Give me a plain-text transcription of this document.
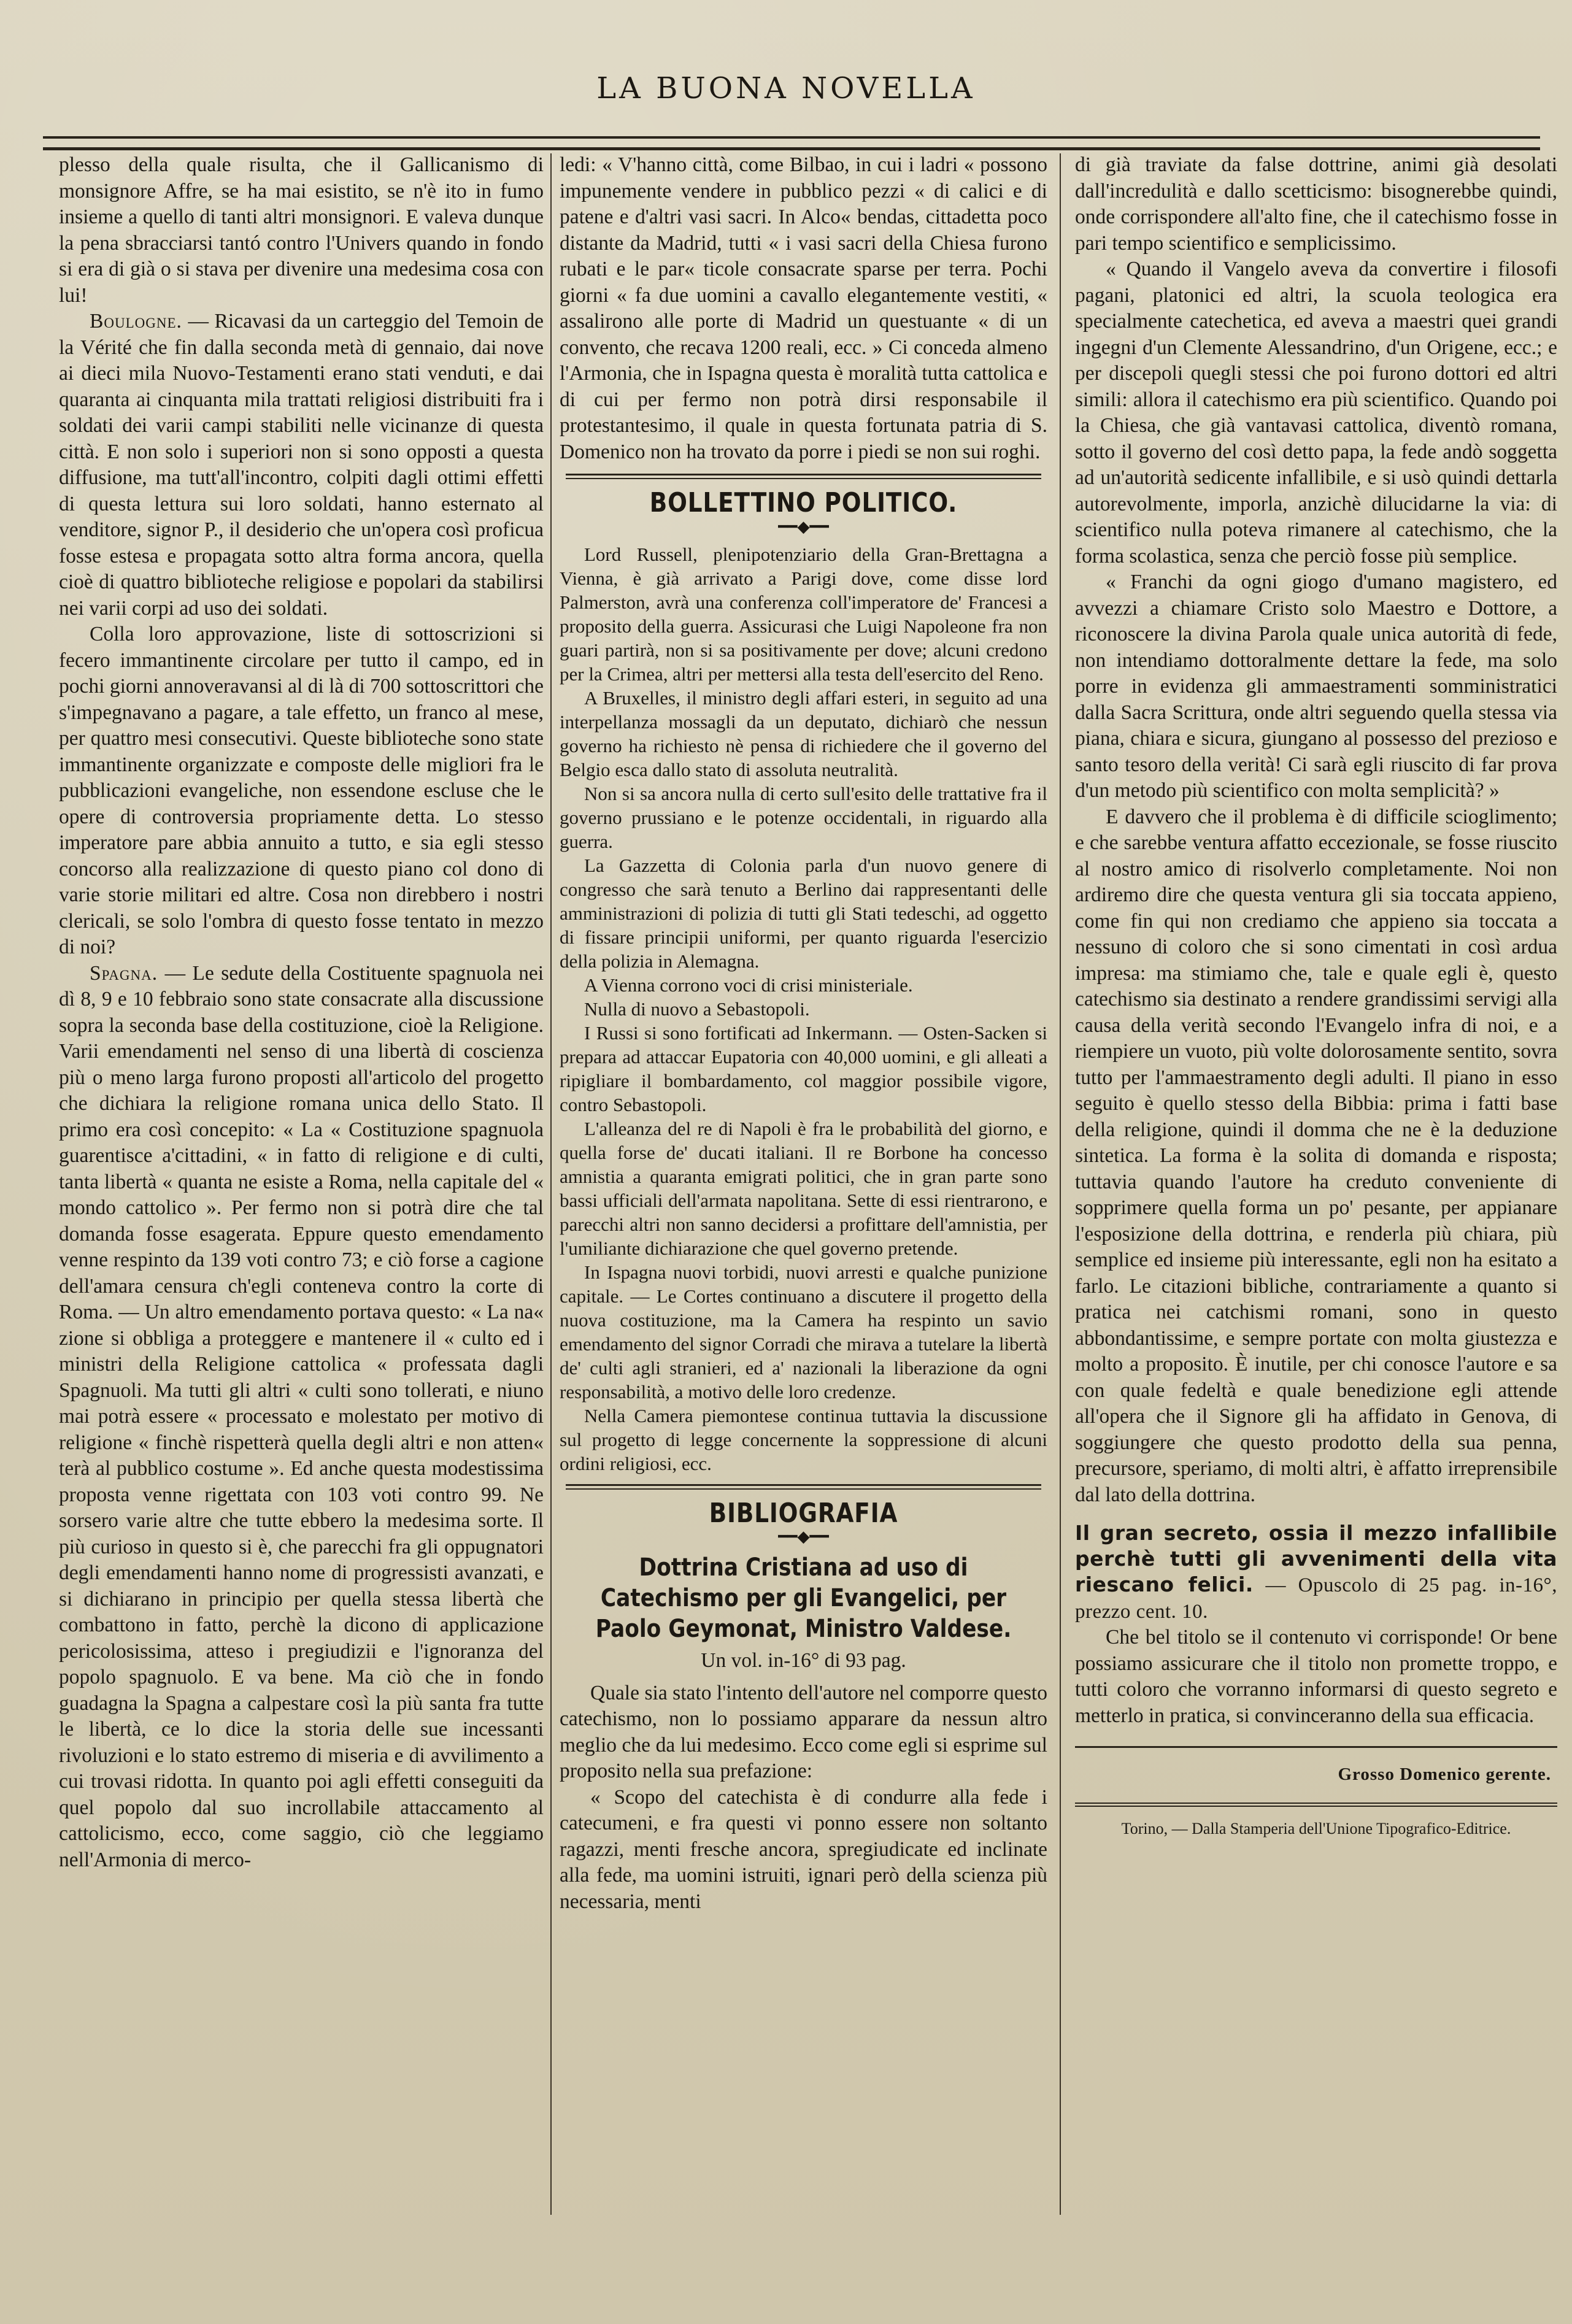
LA BUONA NOVELLA

plesso della quale risulta, che il Gallicanismo di monsignore Affre, se ha mai esistito, se n'è ito in fumo insieme a quello di tanti altri monsignori. E valeva dunque la pena sbracciarsi tantó contro l'Univers quando in fondo si era di già o si stava per divenire una medesima cosa con lui!

Boulogne. — Ricavasi da un carteggio del Temoin de la Vérité che fin dalla seconda metà di gennaio, dai nove ai dieci mila Nuovo-Testamenti erano stati venduti, e dai quaranta ai cinquanta mila trattati religiosi distribuiti fra i soldati dei varii campi stabiliti nelle vicinanze di questa città. E non solo i superiori non si sono opposti a questa diffusione, ma tutt'all'incontro, colpiti dagli ottimi effetti di questa lettura sui loro soldati, hanno esternato al venditore, signor P., il desiderio che un'opera così proficua fosse estesa e propagata sotto altra forma ancora, quella cioè di quattro biblioteche religiose e popolari da stabilirsi nei varii corpi ad uso dei soldati.

Colla loro approvazione, liste di sottoscrizioni si fecero immantinente circolare per tutto il campo, ed in pochi giorni annoveravansi al di là di 700 sottoscrittori che s'impegnavano a pagare, a tale effetto, un franco al mese, per quattro mesi consecutivi. Queste biblioteche sono state immantinente organizzate e composte delle migliori fra le pubblicazioni evangeliche, non essendone escluse che le opere di controversia propriamente detta. Lo stesso imperatore pare abbia annuito a tutto, e sia egli stesso concorso alla realizzazione di questo piano col dono di varie storie militari ed altre. Cosa non direbbero i nostri clericali, se solo l'ombra di questo fosse tentato in mezzo di noi?

Spagna. — Le sedute della Costituente spagnuola nei dì 8, 9 e 10 febbraio sono state consacrate alla discussione sopra la seconda base della costituzione, cioè la Religione. Varii emendamenti nel senso di una libertà di coscienza più o meno larga furono proposti all'articolo del progetto che dichiara la religione romana unica dello Stato. Il primo era così concepito: « La « Costituzione spagnuola guarentisce a'cittadini, « in fatto di religione e di culti, tanta libertà « quanta ne esiste a Roma, nella capitale del « mondo cattolico ». Per fermo non si potrà dire che tal domanda fosse esagerata. Eppure questo emendamento venne respinto da 139 voti contro 73; e ciò forse a cagione dell'amara censura ch'egli conteneva contro la corte di Roma. — Un altro emendamento portava questo: « La na« zione si obbliga a proteggere e mantenere il « culto ed i ministri della Religione cattolica « professata dagli Spagnuoli. Ma tutti gli altri « culti sono tollerati, e niuno mai potrà essere « processato e molestato per motivo di religione « finchè rispetterà quella degli altri e non atten« terà al pubblico costume ». Ed anche questa modestissima proposta venne rigettata con 103 voti contro 99. Ne sorsero varie altre che tutte ebbero la medesima sorte. Il più curioso in questo si è, che parecchi fra gli oppugnatori degli emendamenti hanno nome di progressisti avanzati, e si dichiarano in principio per quella stessa libertà che combattono in fatto, perchè la dicono di applicazione pericolosissima, atteso i pregiudizii e l'ignoranza del popolo spagnuolo. E va bene. Ma ciò che in fondo guadagna la Spagna a calpestare così la più santa fra tutte le libertà, ce lo dice la storia delle sue incessanti rivoluzioni e lo stato estremo di miseria e di avvilimento a cui trovasi ridotta. In quanto poi agli effetti conseguiti da quel popolo dal suo incrollabile attaccamento al cattolicismo, ecco, come saggio, ciò che leggiamo nell'Armonia di merco-

ledi: « V'hanno città, come Bilbao, in cui i ladri « possono impunemente vendere in pubblico pezzi « di calici e di patene e d'altri vasi sacri. In Alco« bendas, cittadetta poco distante da Madrid, tutti « i vasi sacri della Chiesa furono rubati e le par« ticole consacrate sparse per terra. Pochi giorni « fa due uomini a cavallo elegantemente vestiti, « assalirono alle porte di Madrid un questuante « di un convento, che recava 1200 reali, ecc. » Ci conceda almeno l'Armonia, che in Ispagna questa è moralità tutta cattolica e di cui per fermo non potrà dirsi responsabile il protestantesimo, il quale in questa fortunata patria di S. Domenico non ha trovato da porre i piedi se non sui roghi.

BOLLETTINO POLITICO.
━━◆━━

Lord Russell, plenipotenziario della Gran-Brettagna a Vienna, è già arrivato a Parigi dove, come disse lord Palmerston, avrà una conferenza coll'imperatore de' Francesi a proposito della guerra. Assicurasi che Luigi Napoleone fra non guari partirà, non si sa positivamente per dove; alcuni credono per la Crimea, altri per mettersi alla testa dell'esercito del Reno.

A Bruxelles, il ministro degli affari esteri, in seguito ad una interpellanza mossagli da un deputato, dichiarò che nessun governo ha richiesto nè pensa di richiedere che il governo del Belgio esca dallo stato di assoluta neutralità.

Non si sa ancora nulla di certo sull'esito delle trattative fra il governo prussiano e le potenze occidentali, in riguardo alla guerra.

La Gazzetta di Colonia parla d'un nuovo genere di congresso che sarà tenuto a Berlino dai rappresentanti delle amministrazioni di polizia di tutti gli Stati tedeschi, ad oggetto di fissare principii uniformi, per quanto riguarda l'esercizio della polizia in Alemagna.

A Vienna corrono voci di crisi ministeriale.

Nulla di nuovo a Sebastopoli.

I Russi si sono fortificati ad Inkermann. — Osten-Sacken si prepara ad attaccar Eupatoria con 40,000 uomini, e gli alleati a ripigliare il bombardamento, col maggior possibile vigore, contro Sebastopoli.

L'alleanza del re di Napoli è fra le probabilità del giorno, e quella forse de' ducati italiani. Il re Borbone ha concesso amnistia a quaranta emigrati politici, che in gran parte sono bassi ufficiali dell'armata napolitana. Sette di essi rientrarono, e parecchi altri non sanno decidersi a profittare dell'amnistia, per l'umiliante dichiarazione che quel governo pretende.

In Ispagna nuovi torbidi, nuovi arresti e qualche punizione capitale. — Le Cortes continuano a discutere il progetto della nuova costituzione, ma la Camera ha respinto un savio emendamento del signor Corradi che mirava a tutelare la libertà de' culti agli stranieri, ed a' nazionali la liberazione da ogni responsabilità, a motivo delle loro credenze.

Nella Camera piemontese continua tuttavia la discussione sul progetto di legge concernente la soppressione di alcuni ordini religiosi, ecc.

BIBLIOGRAFIA
━━◆━━
Dottrina Cristiana ad uso di Catechismo per gli Evangelici, per Paolo Geymonat, Ministro Valdese.
Un vol. in-16° di 93 pag.

Quale sia stato l'intento dell'autore nel comporre questo catechismo, non lo possiamo apparare da nessun altro meglio che da lui medesimo. Ecco come egli si esprime sul proposito nella sua prefazione:

« Scopo del catechista è di condurre alla fede i catecumeni, e fra questi vi ponno essere non soltanto ragazzi, menti fresche ancora, spregiudicate ed inclinate alla fede, ma uomini istruiti, ignari però della scienza più necessaria, menti

di già traviate da false dottrine, animi già desolati dall'incredulità e dallo scetticismo: bisognerebbe quindi, onde corrispondere all'alto fine, che il catechismo fosse in pari tempo scientifico e semplicissimo.

« Quando il Vangelo aveva da convertire i filosofi pagani, platonici ed altri, la scuola teologica era specialmente catechetica, ed aveva a maestri quei grandi ingegni d'un Clemente Alessandrino, d'un Origene, ecc.; e per discepoli quegli stessi che poi furono dottori ed altri simili: allora il catechismo era più scientifico. Quando poi la Chiesa, che già vantavasi cattolica, diventò romana, sotto il governo del così detto papa, la fede andò soggetta ad un'autorità sedicente infallibile, e si usò quindi dettarla autorevolmente, imporla, anzichè dilucidarne la via: di scientifico nulla poteva rimanere al catechismo, che la forma scolastica, senza che perciò fosse più semplice.

« Franchi da ogni giogo d'umano magistero, ed avvezzi a chiamare Cristo solo Maestro e Dottore, a riconoscere la divina Parola quale unica autorità di fede, non intendiamo dottoralmente dettare la fede, ma solo porre in evidenza gli ammaestramenti somministratici dalla Sacra Scrittura, onde altri seguendo quella stessa via piana, chiara e sicura, giungano al possesso del prezioso e santo tesoro della verità! Ci sarà egli riuscito di far prova d'un metodo più scientifico con molta semplicità? »

E davvero che il problema è di difficile scioglimento; e che sarebbe ventura affatto eccezionale, se fosse riuscito al nostro amico di risolverlo completamente. Noi non ardiremo dire che questa ventura gli sia toccata appieno, come fin qui non crediamo che appieno sia toccata a nessuno di coloro che si sono cimentati in così ardua impresa: ma stimiamo che, tale e quale egli è, questo catechismo sia destinato a rendere grandissimi servigi alla causa della verità secondo l'Evangelo infra di noi, e a riempiere un vuoto, più volte dolorosamente sentito, sovra tutto per l'ammaestramento degli adulti. Il piano in esso seguito è quello stesso della Bibbia: prima i fatti base della religione, quindi il domma che ne è la deduzione sintetica. La forma è la solita di domanda e risposta; tuttavia quando l'autore ha creduto conveniente di sopprimere quella forma un po' pesante, per appianare l'esposizione della dottrina, e renderla più chiara, più semplice ed insieme più interessante, egli non ha esitato a farlo. Le citazioni bibliche, contrariamente a quanto si pratica nei catchismi romani, sono in questo abbondantissime, e sempre portate con molta giustezza e molto a proposito. È inutile, per chi conosce l'autore e sa con quale fedeltà e quale benedizione egli attende all'opera che il Signore gli ha affidato in Genova, di soggiungere che questo prodotto della sua penna, precursore, speriamo, di molti altri, è affatto irreprensibile dal lato della dottrina.

Il gran secreto, ossia il mezzo infallibile perchè tutti gli avvenimenti della vita riescano felici. — Opuscolo di 25 pag. in-16°, prezzo cent. 10.

Che bel titolo se il contenuto vi corrisponde! Or bene possiamo assicurare che il titolo non promette troppo, e tutti coloro che vorranno informarsi di questo segreto e metterlo in pratica, si convinceranno della sua efficacia.

Grosso Domenico gerente.

Torino, — Dalla Stamperia dell'Unione Tipografico-Editrice.
